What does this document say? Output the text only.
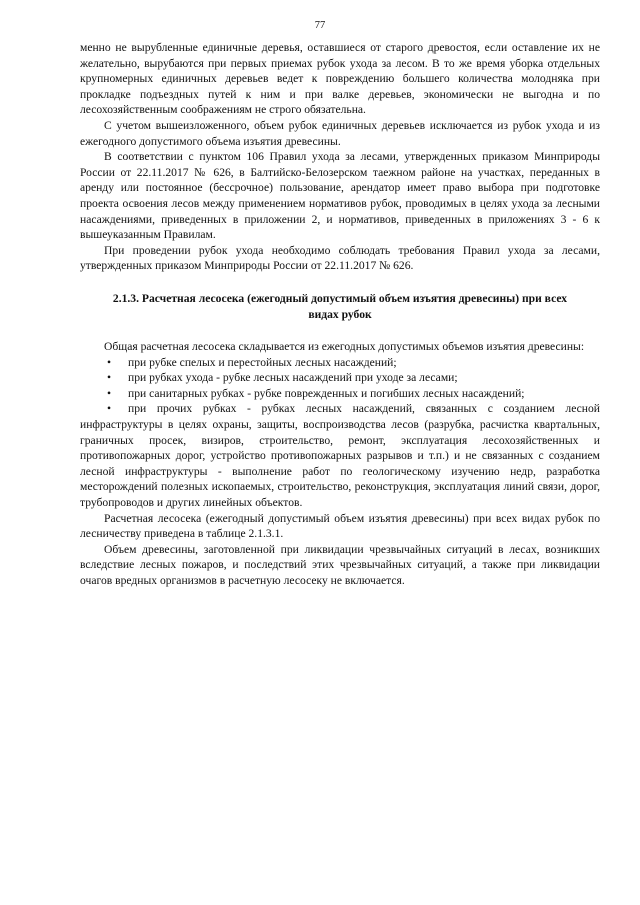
77

менно не вырубленные единичные деревья, оставшиеся от старого древостоя, если оставление их не желательно, вырубаются при первых приемах рубок ухода за лесом. В то же время уборка отдельных крупномерных единичных деревьев ведет к повреждению большего количества молодняка при прокладке подъездных путей к ним и при валке деревьев, экономически не выгодна и по лесохозяйственным соображениям не строго обязательна.

С учетом вышеизложенного, объем рубок единичных деревьев исключается из рубок ухода и из ежегодного допустимого объема изъятия древесины.

В соответствии с пунктом 106 Правил ухода за лесами, утвержденных приказом Минприроды России от 22.11.2017 № 626, в Балтийско-Белозерском таежном районе на участках, переданных в аренду или постоянное (бессрочное) пользование, арендатор имеет право выбора при подготовке проекта освоения лесов между применением нормативов рубок, проводимых в целях ухода за лесными насаждениями, приведенных в приложении 2, и нормативов, приведенных в приложениях 3 - 6 к вышеуказанным Правилам.

При проведении рубок ухода необходимо соблюдать требования Правил ухода за лесами, утвержденных приказом Минприроды России от 22.11.2017 № 626.

2.1.3. Расчетная лесосека (ежегодный допустимый объем изъятия древесины) при всех видах рубок

Общая расчетная лесосека складывается из ежегодных допустимых объемов изъятия древесины:

• при рубке спелых и перестойных лесных насаждений;
• при рубках ухода - рубке лесных насаждений при уходе за лесами;
• при санитарных рубках - рубке поврежденных и погибших лесных насаждений;
• при прочих рубках - рубках лесных насаждений, связанных с созданием лесной инфраструктуры в целях охраны, защиты, воспроизводства лесов (разрубка, расчистка квартальных, граничных просек, визиров, строительство, ремонт, эксплуатация лесохозяйственных и противопожарных дорог, устройство противопожарных разрывов и т.п.) и не связанных с созданием лесной инфраструктуры - выполнение работ по геологическому изучению недр, разработка месторождений полезных ископаемых, строительство, реконструкция, эксплуатация линий связи, дорог, трубопроводов и других линейных объектов.

Расчетная лесосека (ежегодный допустимый объем изъятия древесины) при всех видах рубок по лесничеству приведена в таблице 2.1.3.1.

Объем древесины, заготовленной при ликвидации чрезвычайных ситуаций в лесах, возникших вследствие лесных пожаров, и последствий этих чрезвычайных ситуаций, а также при ликвидации очагов вредных организмов в расчетную лесосеку не включается.
